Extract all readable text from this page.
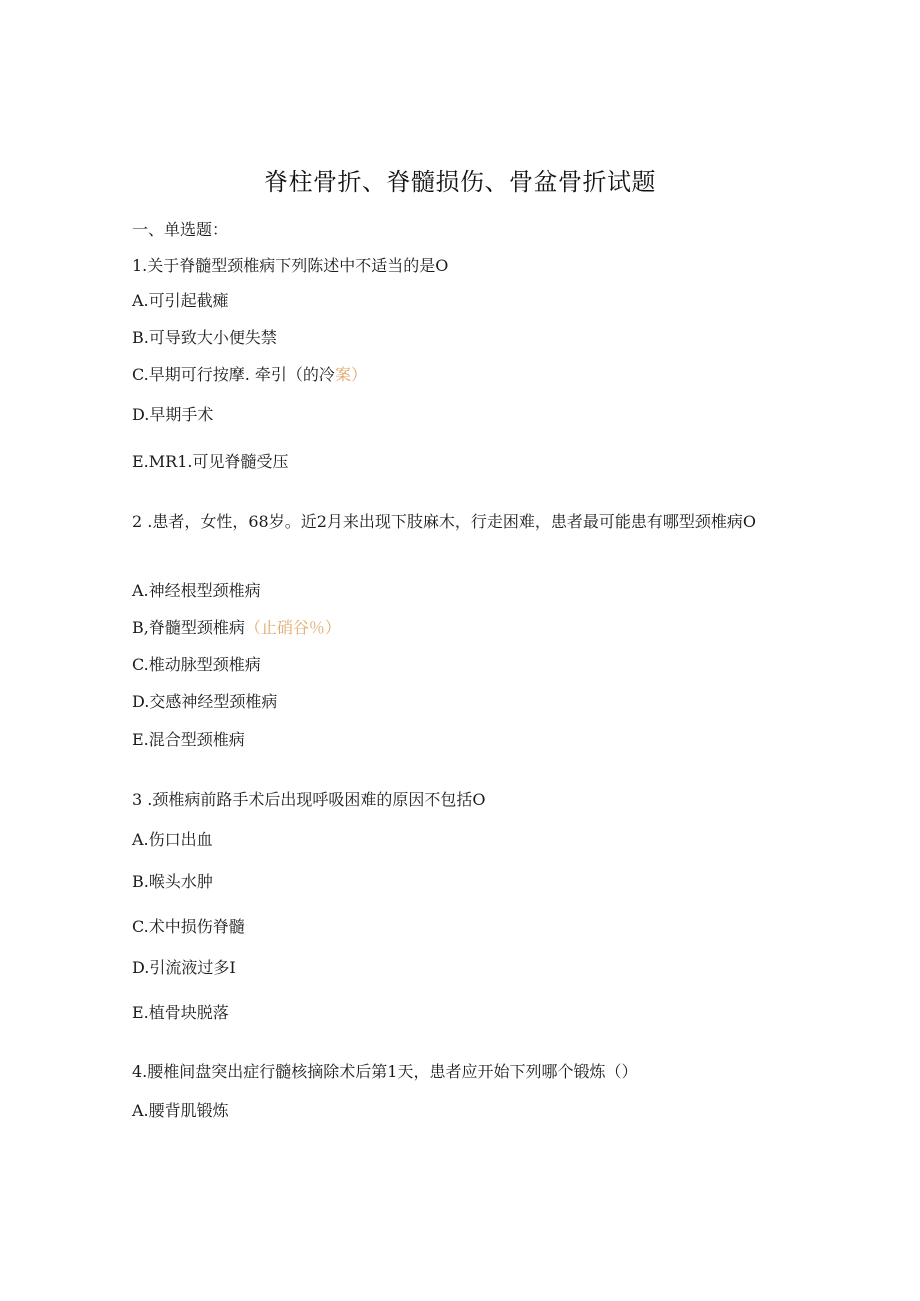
脊柱骨折、脊髓损伤、骨盆骨折试题
一、单选题：
1.关于脊髓型颈椎病下列陈述中不适当的是O
A.可引起截瘫
B.可导致大小便失禁
C.早期可行按摩. 牵引（的冷案）
D.早期手术
E.MR1.可见脊髓受压
2 .患者，女性，68岁。近2月来出现下肢麻木，行走困难，患者最可能患有哪型颈椎病O
A.神经根型颈椎病
B,脊髓型颈椎病（止硝谷％）
C.椎动脉型颈椎病
D.交感神经型颈椎病
E.混合型颈椎病
3 .颈椎病前路手术后出现呼吸困难的原因不包括O
A.伤口出血
B.喉头水肿
C.术中损伤脊髓
D.引流液过多I
E.植骨块脱落
4.腰椎间盘突出症行髓核摘除术后第1天，患者应开始下列哪个锻炼（）
A.腰背肌锻炼
